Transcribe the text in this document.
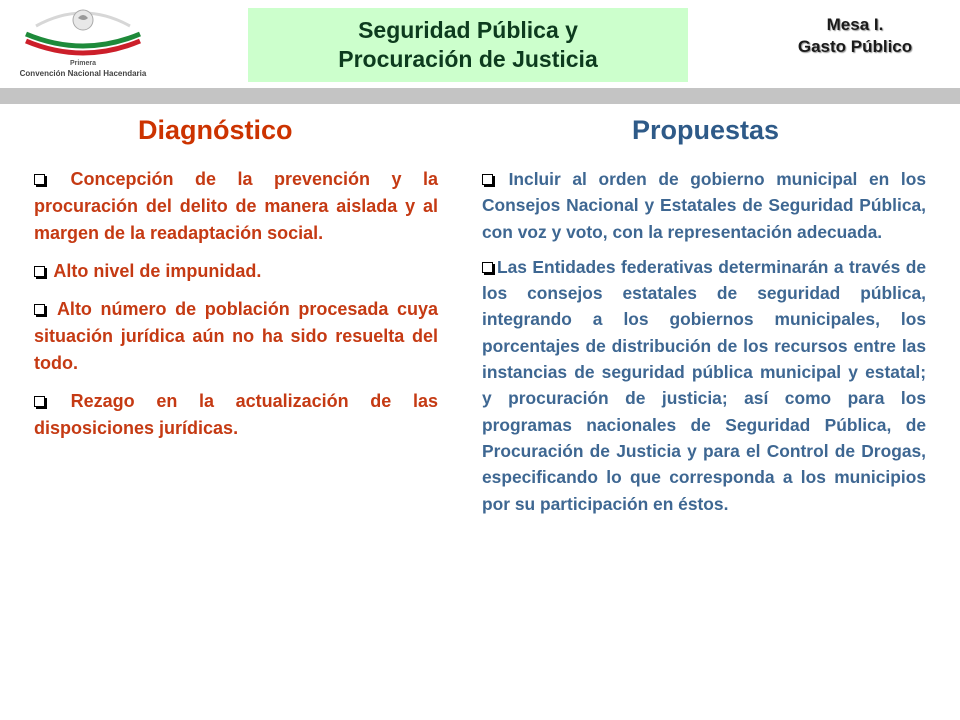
Primera
Convención Nacional Hacendaria
Seguridad Pública y
Procuración de Justicia
Mesa I.
Gasto Público
Diagnóstico	Propuestas

Concepción de la prevención y la procuración del delito de manera aislada y al margen de la readaptación social.

Alto nivel de impunidad.

Alto número de población procesada cuya situación jurídica aún no ha sido resuelta del todo.

Rezago en la actualización de las disposiciones jurídicas.

Incluir al orden de gobierno municipal en los Consejos Nacional y Estatales de Seguridad Pública, con voz y voto, con la representación adecuada.

Las Entidades federativas determinarán a través de los consejos estatales de seguridad pública, integrando a los gobiernos municipales, los porcentajes de distribución de los recursos entre las instancias de seguridad pública municipal y estatal; y procuración de justicia; así como para los programas nacionales de Seguridad Pública, de Procuración de Justicia y para el Control de Drogas, especificando lo que corresponda a los municipios por su participación en éstos.
